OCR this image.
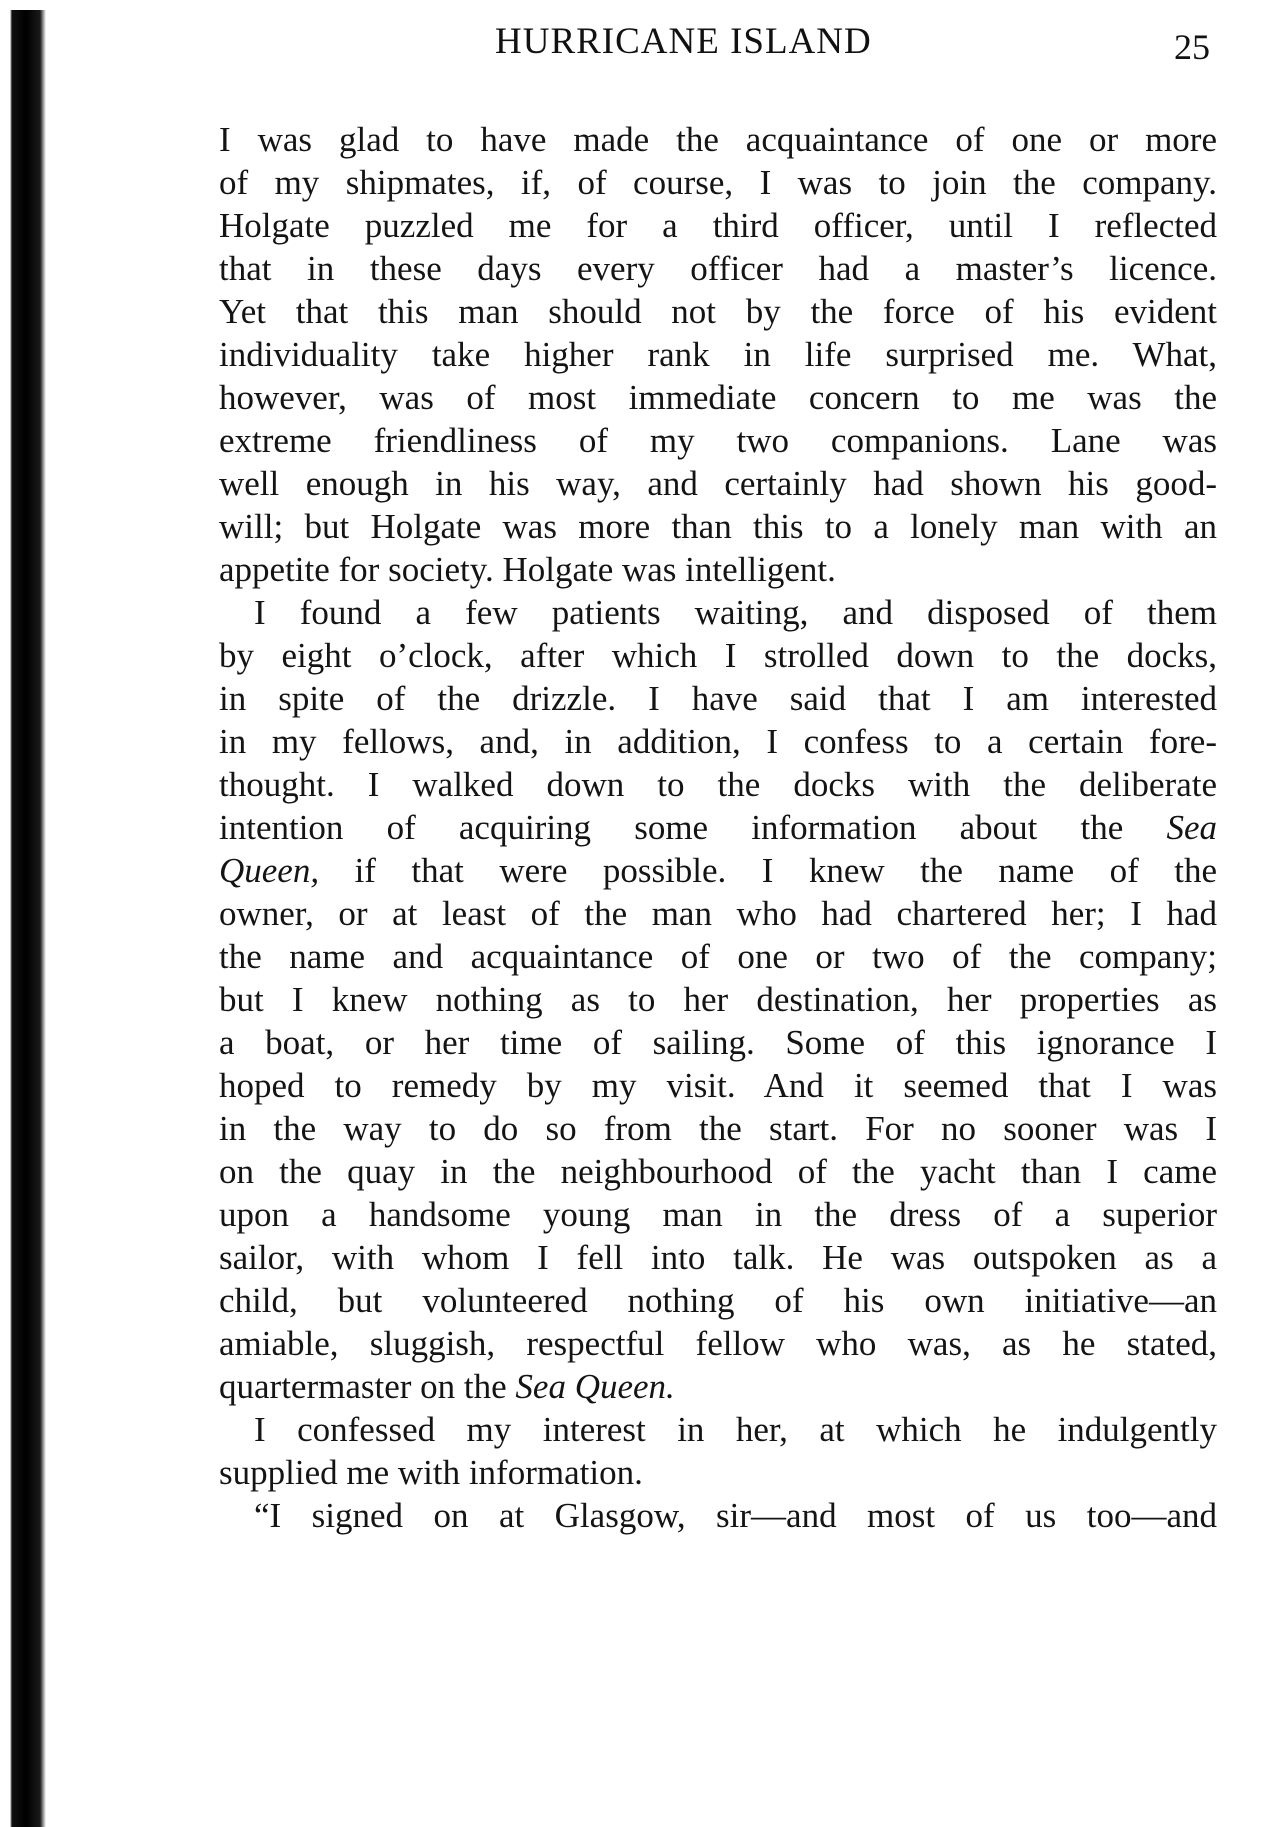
HURRICANE ISLAND	25
I was glad to have made the acquaintance of one or more
of my shipmates, if, of course, I was to join the company.
Holgate puzzled me for a third officer, until I reflected
that in these days every officer had a master’s licence.
Yet that this man should not by the force of his evident
individuality take higher rank in life surprised me. What,
however, was of most immediate concern to me was the
extreme friendliness of my two companions. Lane was
well enough in his way, and certainly had shown his good-
will; but Holgate was more than this to a lonely man with an
appetite for society. Holgate was intelligent.
I found a few patients waiting, and disposed of them
by eight o’clock, after which I strolled down to the docks,
in spite of the drizzle. I have said that I am interested
in my fellows, and, in addition, I confess to a certain fore-
thought. I walked down to the docks with the deliberate
intention of acquiring some information about the Sea
Queen, if that were possible. I knew the name of the
owner, or at least of the man who had chartered her; I had
the name and acquaintance of one or two of the company;
but I knew nothing as to her destination, her properties as
a boat, or her time of sailing. Some of this ignorance I
hoped to remedy by my visit. And it seemed that I was
in the way to do so from the start. For no sooner was I
on the quay in the neighbourhood of the yacht than I came
upon a handsome young man in the dress of a superior
sailor, with whom I fell into talk. He was outspoken as a
child, but volunteered nothing of his own initiative—an
amiable, sluggish, respectful fellow who was, as he stated,
quartermaster on the Sea Queen.
I confessed my interest in her, at which he indulgently
supplied me with information.
“I signed on at Glasgow, sir—and most of us too—and
